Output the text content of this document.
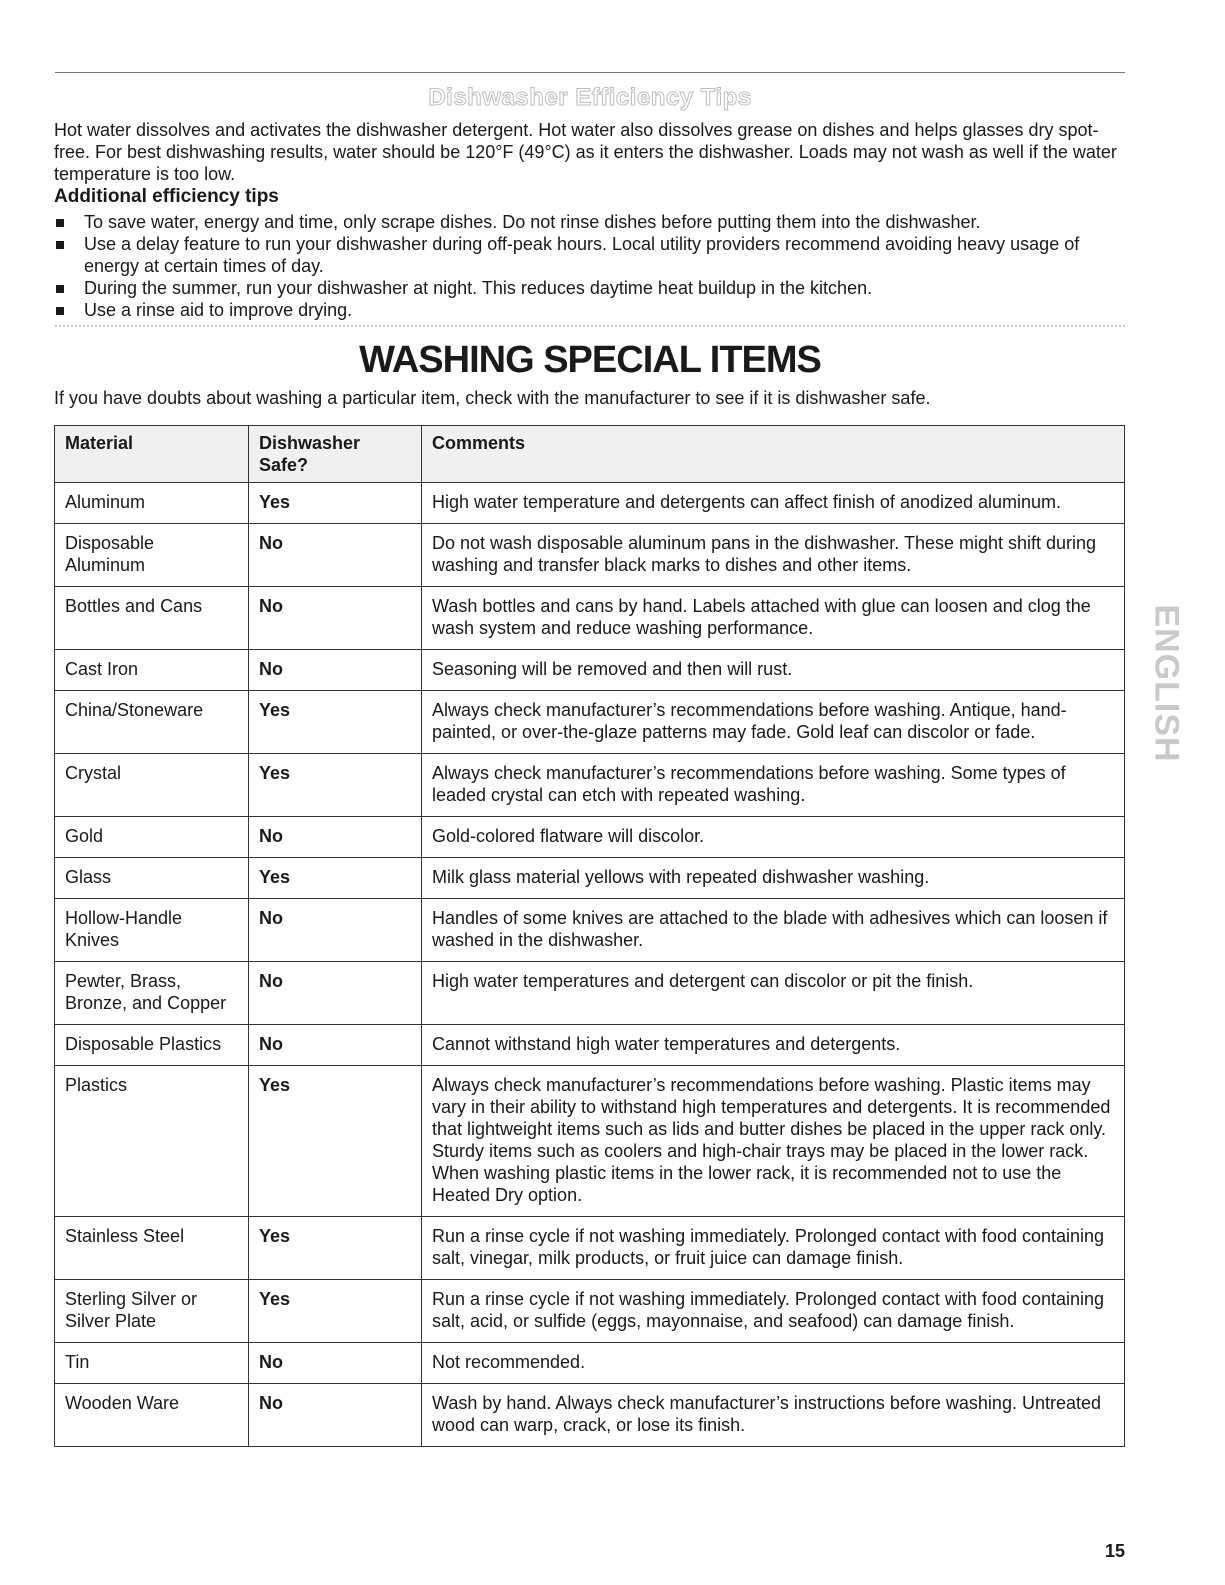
Dishwasher Efficiency Tips
Hot water dissolves and activates the dishwasher detergent. Hot water also dissolves grease on dishes and helps glasses dry spot-free. For best dishwashing results, water should be 120°F (49°C) as it enters the dishwasher. Loads may not wash as well if the water temperature is too low.
Additional efficiency tips
To save water, energy and time, only scrape dishes. Do not rinse dishes before putting them into the dishwasher.
Use a delay feature to run your dishwasher during off-peak hours. Local utility providers recommend avoiding heavy usage of energy at certain times of day.
During the summer, run your dishwasher at night. This reduces daytime heat buildup in the kitchen.
Use a rinse aid to improve drying.
WASHING SPECIAL ITEMS
If you have doubts about washing a particular item, check with the manufacturer to see if it is dishwasher safe.
Material	Dishwasher Safe?	Comments
Aluminum	Yes	High water temperature and detergents can affect finish of anodized aluminum.
Disposable Aluminum	No	Do not wash disposable aluminum pans in the dishwasher. These might shift during washing and transfer black marks to dishes and other items.
Bottles and Cans	No	Wash bottles and cans by hand. Labels attached with glue can loosen and clog the wash system and reduce washing performance.
Cast Iron	No	Seasoning will be removed and then will rust.
China/Stoneware	Yes	Always check manufacturer’s recommendations before washing. Antique, hand-painted, or over-the-glaze patterns may fade. Gold leaf can discolor or fade.
Crystal	Yes	Always check manufacturer’s recommendations before washing. Some types of leaded crystal can etch with repeated washing.
Gold	No	Gold-colored flatware will discolor.
Glass	Yes	Milk glass material yellows with repeated dishwasher washing.
Hollow-Handle Knives	No	Handles of some knives are attached to the blade with adhesives which can loosen if washed in the dishwasher.
Pewter, Brass, Bronze, and Copper	No	High water temperatures and detergent can discolor or pit the finish.
Disposable Plastics	No	Cannot withstand high water temperatures and detergents.
Plastics	Yes	Always check manufacturer’s recommendations before washing. Plastic items may vary in their ability to withstand high temperatures and detergents. It is recommended that lightweight items such as lids and butter dishes be placed in the upper rack only. Sturdy items such as coolers and high-chair trays may be placed in the lower rack. When washing plastic items in the lower rack, it is recommended not to use the Heated Dry option.
Stainless Steel	Yes	Run a rinse cycle if not washing immediately. Prolonged contact with food containing salt, vinegar, milk products, or fruit juice can damage finish.
Sterling Silver or Silver Plate	Yes	Run a rinse cycle if not washing immediately. Prolonged contact with food containing salt, acid, or sulfide (eggs, mayonnaise, and seafood) can damage finish.
Tin	No	Not recommended.
Wooden Ware	No	Wash by hand. Always check manufacturer’s instructions before washing. Untreated wood can warp, crack, or lose its finish.
ENGLISH
15
